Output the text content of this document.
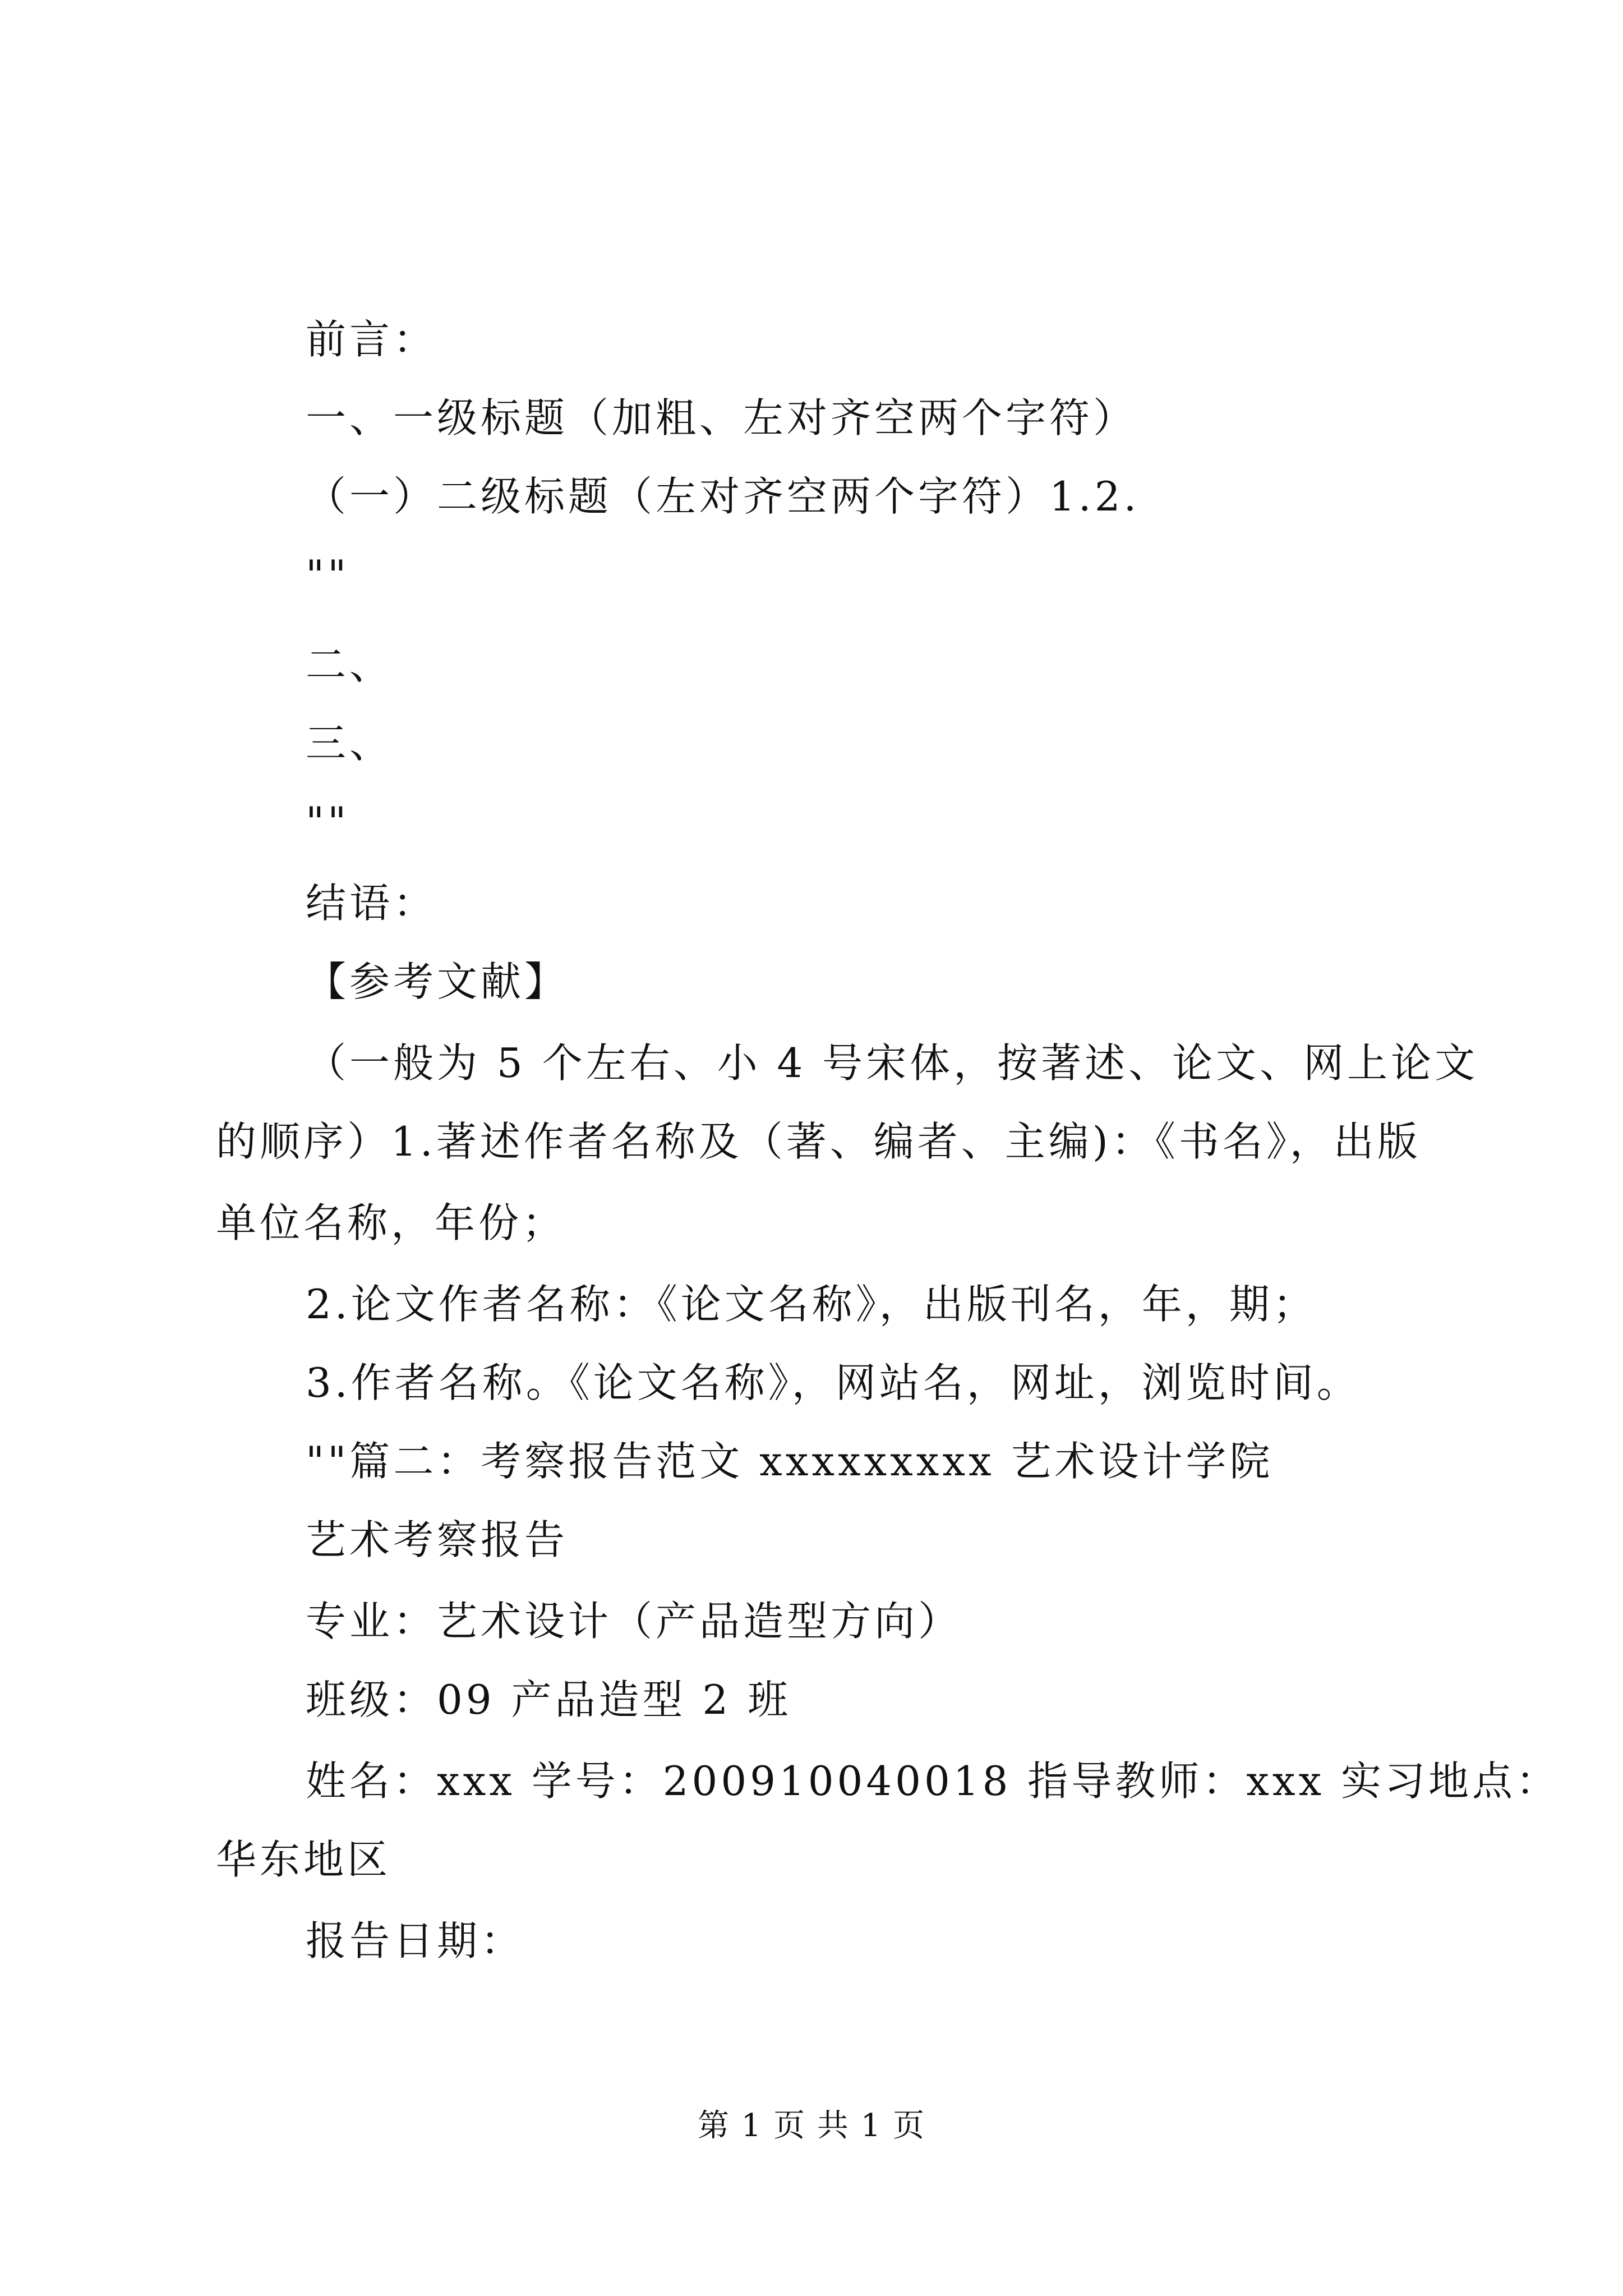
前言：
一、一级标题（加粗、左对齐空两个字符）
（一）二级标题（左对齐空两个字符）1.2.
""
二、
三、
""
结语：
【参考文献】
（一般为 5 个左右、小 4 号宋体，按著述、论文、网上论文
的顺序）1.著述作者名称及（著、编者、主编)：《书名》，出版
单位名称，年份；
2.论文作者名称：《论文名称》，出版刊名，年，期；
3.作者名称。《论文名称》，网站名，网址，浏览时间。
""篇二：考察报告范文 xxxxxxxxx 艺术设计学院
艺术考察报告
专业：艺术设计（产品造型方向）
班级：09 产品造型 2 班
姓名：xxx 学号：200910040018 指导教师：xxx 实习地点：
华东地区
报告日期：
第 1 页 共 1 页
